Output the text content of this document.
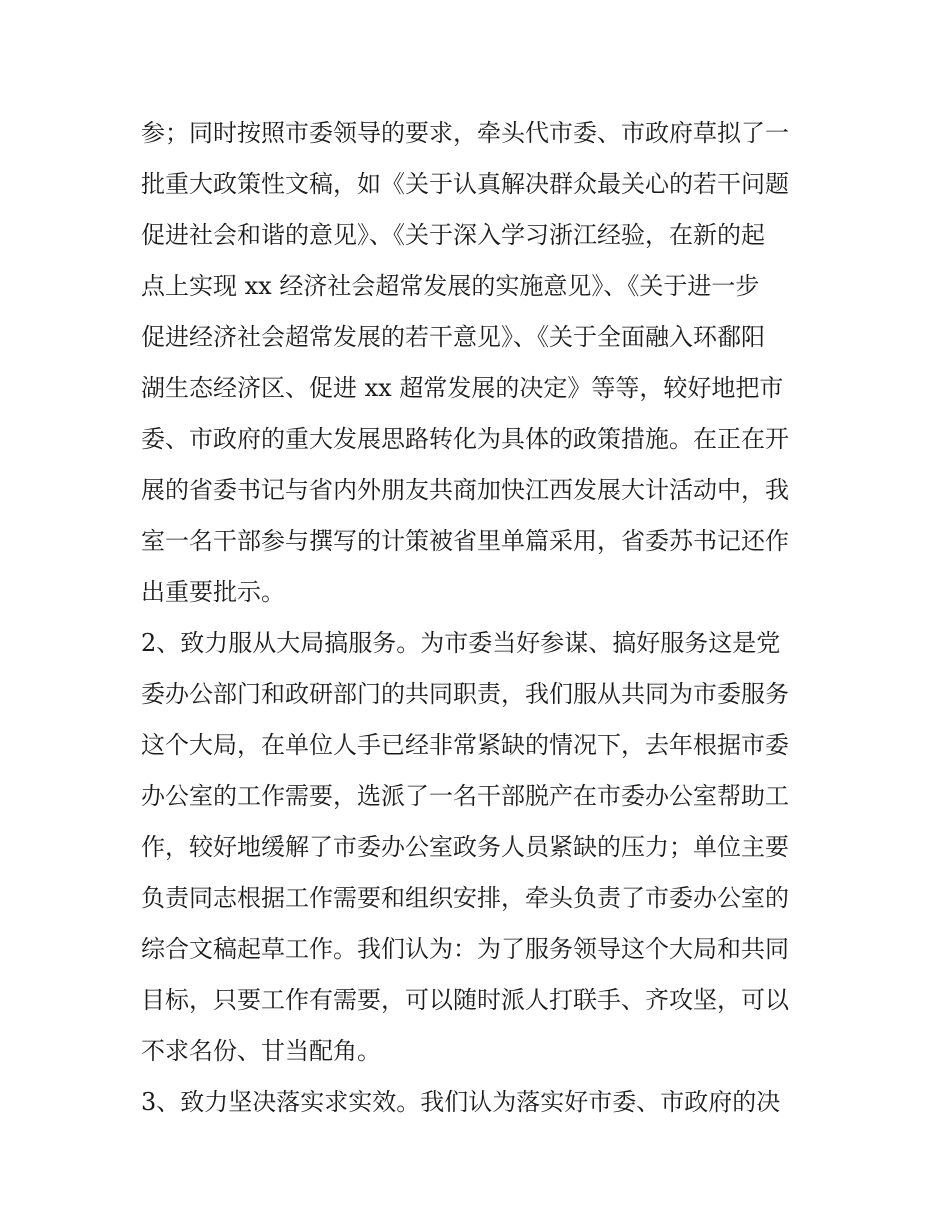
参；同时按照市委领导的要求，牵头代市委、市政府草拟了一
批重大政策性文稿，如《关于认真解决群众最关心的若干问题
促进社会和谐的意见》、《关于深入学习浙江经验，在新的起
点上实现 xx 经济社会超常发展的实施意见》、《关于进一步
促进经济社会超常发展的若干意见》、《关于全面融入环鄱阳
湖生态经济区、促进 xx 超常发展的决定》等等，较好地把市
委、市政府的重大发展思路转化为具体的政策措施。在正在开
展的省委书记与省内外朋友共商加快江西发展大计活动中，我
室一名干部参与撰写的计策被省里单篇采用，省委苏书记还作
出重要批示。
2、致力服从大局搞服务。为市委当好参谋、搞好服务这是党
委办公部门和政研部门的共同职责，我们服从共同为市委服务
这个大局，在单位人手已经非常紧缺的情况下，去年根据市委
办公室的工作需要，选派了一名干部脱产在市委办公室帮助工
作，较好地缓解了市委办公室政务人员紧缺的压力；单位主要
负责同志根据工作需要和组织安排，牵头负责了市委办公室的
综合文稿起草工作。我们认为：为了服务领导这个大局和共同
目标，只要工作有需要，可以随时派人打联手、齐攻坚，可以
不求名份、甘当配角。
3、致力坚决落实求实效。我们认为落实好市委、市政府的决
